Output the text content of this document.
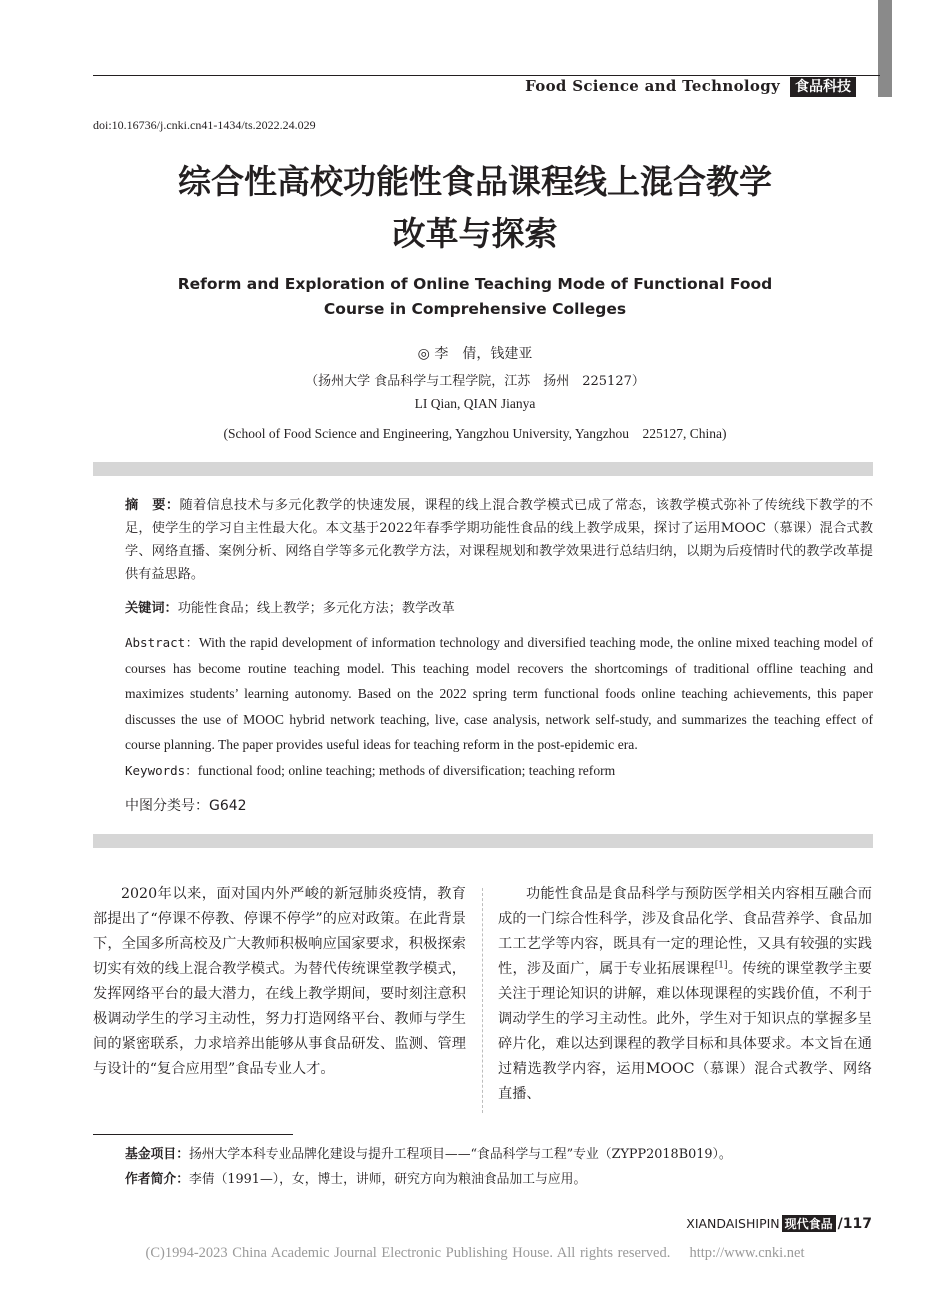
Food Science and Technology	食品科技
doi:10.16736/j.cnki.cn41-1434/ts.2022.24.029
综合性高校功能性食品课程线上混合教学
改革与探索
Reform and Exploration of Online Teaching Mode of Functional Food
Course in Comprehensive Colleges
◎ 李　倩，钱建亚
（扬州大学 食品科学与工程学院，江苏　扬州　225127）
LI Qian, QIAN Jianya
(School of Food Science and Engineering, Yangzhou University, Yangzhou　225127, China)
摘　要：随着信息技术与多元化教学的快速发展，课程的线上混合教学模式已成了常态，该教学模式弥补了传统线下教学的不足，使学生的学习自主性最大化。本文基于2022年春季学期功能性食品的线上教学成果，探讨了运用MOOC（慕课）混合式教学、网络直播、案例分析、网络自学等多元化教学方法，对课程规划和教学效果进行总结归纳，以期为后疫情时代的教学改革提供有益思路。
关键词：功能性食品；线上教学；多元化方法；教学改革
Abstract：With the rapid development of information technology and diversified teaching mode, the online mixed teaching model of courses has become routine teaching model. This teaching model recovers the shortcomings of traditional offline teaching and maximizes students’ learning autonomy. Based on the 2022 spring term functional foods online teaching achievements, this paper discusses the use of MOOC hybrid network teaching, live, case analysis, network self-study, and summarizes the teaching effect of course planning. The paper provides useful ideas for teaching reform in the post-epidemic era.
Keywords：functional food; online teaching; methods of diversification; teaching reform
中图分类号：G642
2020年以来，面对国内外严峻的新冠肺炎疫情，教育部提出了“停课不停教、停课不停学”的应对政策。在此背景下，全国多所高校及广大教师积极响应国家要求，积极探索切实有效的线上混合教学模式。为替代传统课堂教学模式，发挥网络平台的最大潜力，在线上教学期间，要时刻注意积极调动学生的学习主动性，努力打造网络平台、教师与学生间的紧密联系，力求培养出能够从事食品研发、监测、管理与设计的“复合应用型”食品专业人才。
功能性食品是食品科学与预防医学相关内容相互融合而成的一门综合性科学，涉及食品化学、食品营养学、食品加工工艺学等内容，既具有一定的理论性，又具有较强的实践性，涉及面广，属于专业拓展课程[1]。传统的课堂教学主要关注于理论知识的讲解，难以体现课程的实践价值，不利于调动学生的学习主动性。此外，学生对于知识点的掌握多呈碎片化，难以达到课程的教学目标和具体要求。本文旨在通过精选教学内容，运用MOOC（慕课）混合式教学、网络直播、
基金项目：扬州大学本科专业品牌化建设与提升工程项目——“食品科学与工程”专业（ZYPP2018B019）。
作者简介：李倩（1991—），女，博士，讲师，研究方向为粮油食品加工与应用。
XIANDAISHIPIN 现代食品 /117
(C)1994-2023 China Academic Journal Electronic Publishing House. All rights reserved.　 http://www.cnki.net
